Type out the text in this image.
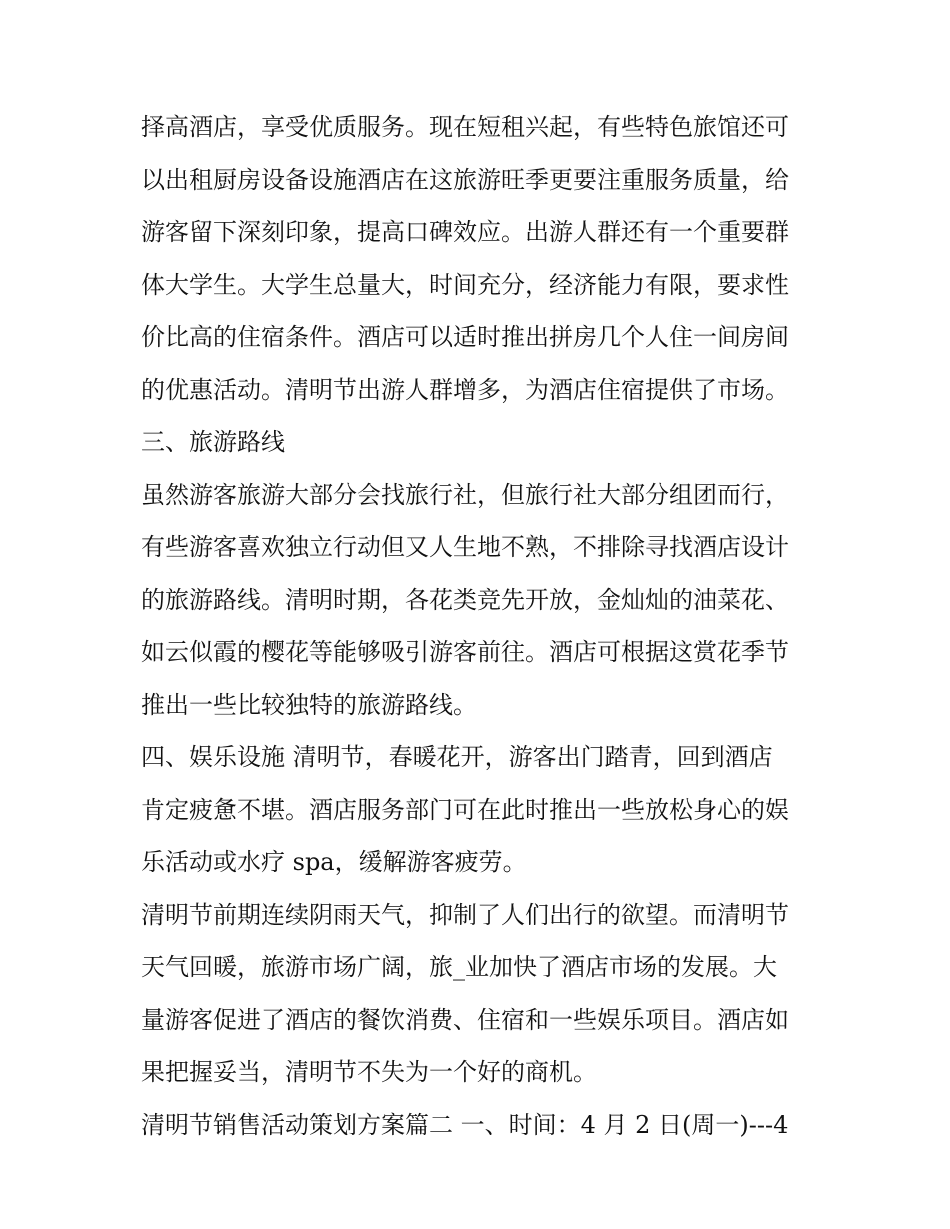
择高酒店，享受优质服务。现在短租兴起，有些特色旅馆还可
以出租厨房设备设施酒店在这旅游旺季更要注重服务质量，给
游客留下深刻印象，提高口碑效应。出游人群还有一个重要群
体大学生。大学生总量大，时间充分，经济能力有限，要求性
价比高的住宿条件。酒店可以适时推出拼房几个人住一间房间
的优惠活动。清明节出游人群增多，为酒店住宿提供了市场。
三、旅游路线
虽然游客旅游大部分会找旅行社，但旅行社大部分组团而行，
有些游客喜欢独立行动但又人生地不熟，不排除寻找酒店设计
的旅游路线。清明时期，各花类竞先开放，金灿灿的油菜花、
如云似霞的樱花等能够吸引游客前往。酒店可根据这赏花季节
推出一些比较独特的旅游路线。
四、娱乐设施 清明节，春暖花开，游客出门踏青，回到酒店
肯定疲惫不堪。酒店服务部门可在此时推出一些放松身心的娱
乐活动或水疗 spa，缓解游客疲劳。
清明节前期连续阴雨天气，抑制了人们出行的欲望。而清明节
天气回暖，旅游市场广阔，旅_业加快了酒店市场的发展。大
量游客促进了酒店的餐饮消费、住宿和一些娱乐项目。酒店如
果把握妥当，清明节不失为一个好的商机。
清明节销售活动策划方案篇二 一、时间：4 月 2 日(周一)---4
